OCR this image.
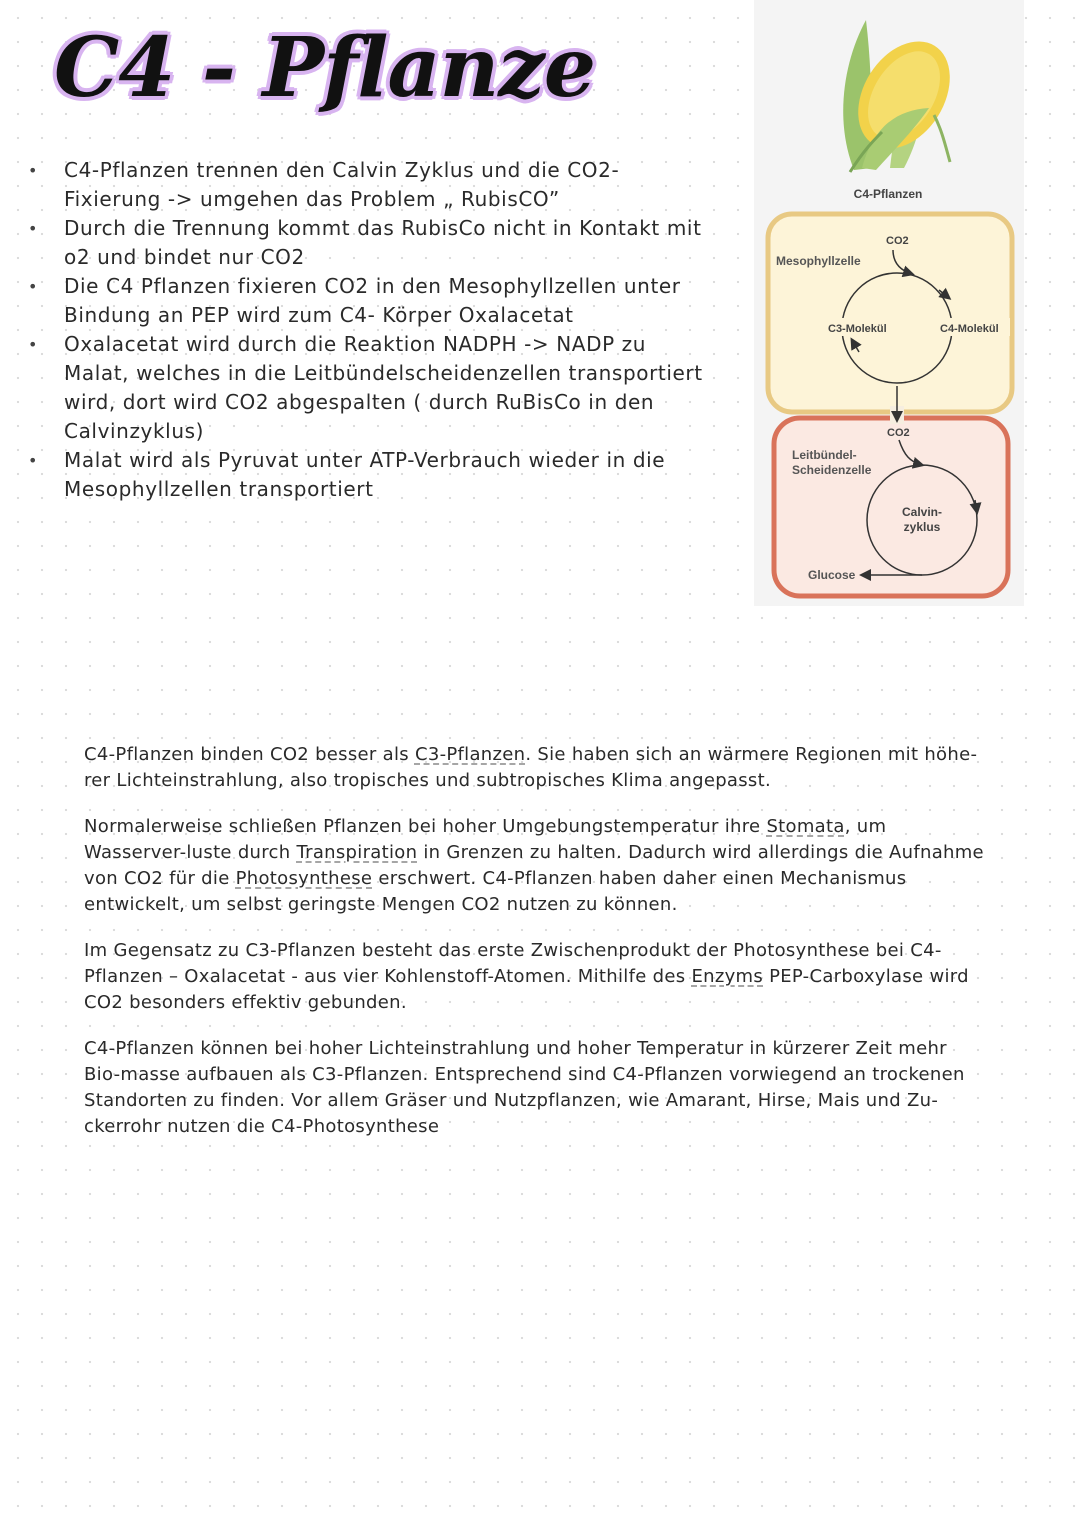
C4 - Pflanze
• C4-Pflanzen trennen den Calvin Zyklus und die CO2-Fixierung -> umgehen das Problem „ RubisCO”
• Durch die Trennung kommt das RubisCo nicht in Kontakt mit o2 und bindet nur CO2
• Die C4 Pflanzen fixieren CO2 in den Mesophyllzellen unter Bindung an PEP wird zum C4- Körper Oxalacetat
• Oxalacetat wird durch die Reaktion NADPH -> NADP zu Malat, welches in die Leitbündelscheidenzellen transportiert wird, dort wird CO2 abgespalten ( durch RuBisCo in den Calvinzyklus)
• Malat wird als Pyruvat unter ATP-Verbrauch wieder in die Mesophyllzellen transportiert
C4-Pflanzen
Mesophyllzelle
CO2
C3-Molekül	C4-Molekül
CO2
Leitbündel-
Scheidenzelle
Calvin-
zyklus
Glucose

C4-Pflanzen binden CO2 besser als C3-Pflanzen. Sie haben sich an wärmere Regionen mit höhe-rer Lichteinstrahlung, also tropisches und subtropisches Klima angepasst.

Normalerweise schließen Pflanzen bei hoher Umgebungstemperatur ihre Stomata, um Wasserver-luste durch Transpiration in Grenzen zu halten. Dadurch wird allerdings die Aufnahme von CO2 für die Photosynthese erschwert. C4-Pflanzen haben daher einen Mechanismus entwickelt, um selbst geringste Mengen CO2 nutzen zu können.

Im Gegensatz zu C3-Pflanzen besteht das erste Zwischenprodukt der Photosynthese bei C4-Pflanzen – Oxalacetat - aus vier Kohlenstoff-Atomen. Mithilfe des Enzyms PEP-Carboxylase wird CO2 besonders effektiv gebunden.

C4-Pflanzen können bei hoher Lichteinstrahlung und hoher Temperatur in kürzerer Zeit mehr Bio-masse aufbauen als C3-Pflanzen. Entsprechend sind C4-Pflanzen vorwiegend an trockenen Standorten zu finden. Vor allem Gräser und Nutzpflanzen, wie Amarant, Hirse, Mais und Zu-ckerrohr nutzen die C4-Photosynthese
